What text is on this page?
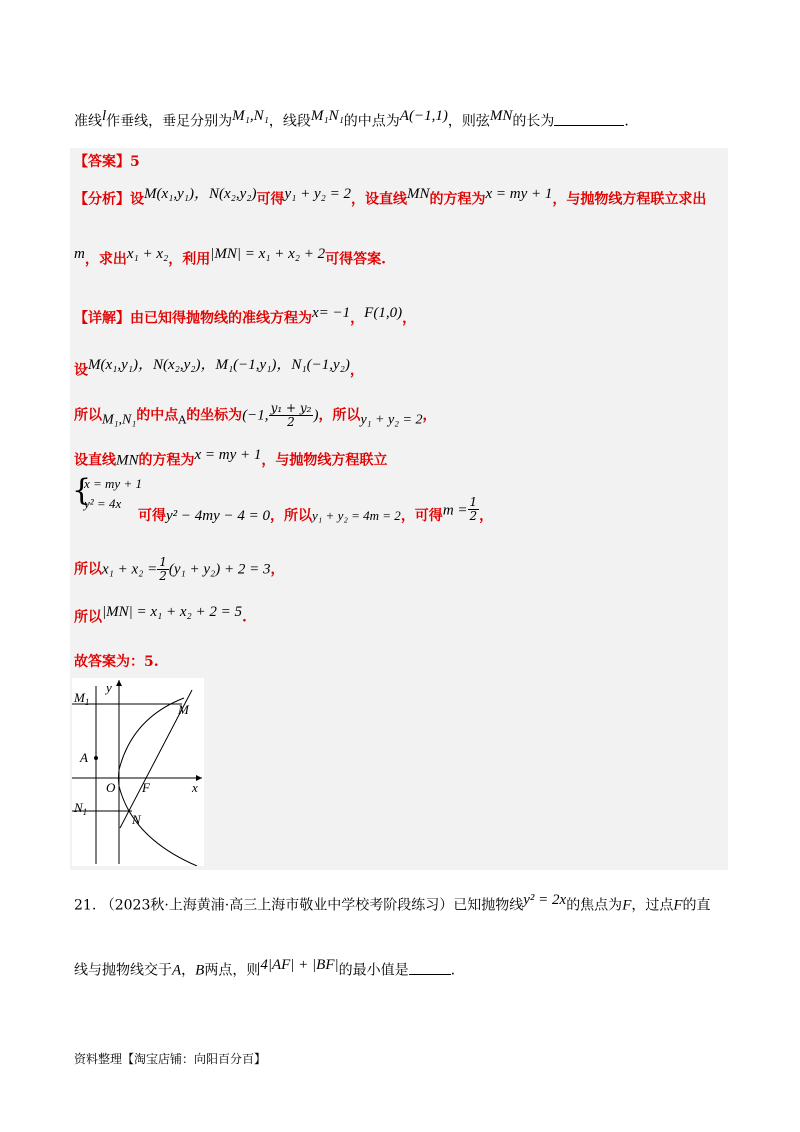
准线$^l$作垂线，垂足分别为$^{M_1,N_1}$，线段$^{M_1N_1}$的中点为$^{A(-1,1)}$，则弦$^{MN}$的长为	.
【答案】5
【分析】设$^{M(x_1,y_1),N(x_2,y_2)}$可得$^{y_1 + y_2 = 2}$，设直线$^{MN}$的方程为$^{x = my + 1}$，与抛物线方程联立求出
$^m$，求出$^{x_1 + x_2}$，利用$^{|MN| = x_1 + x_2 + 2}$可得答案.
【详解】由已知得抛物线的准线方程为$^{x= -1}$，$^{F(1,0)}$，
设$^{M(x_1,y_1),N(x_2,y_2),M_1(-1,y_1),N_1(-1,y_2)}$，
所以$_{M_1,N_1}$的中点$_A$的坐标为(−1, $\frac{\text{y₁ + y₂}}{2}$ )，所以$_{y_1 + y_2 = 2}$，
设直线MN的方程为$^{x = my + 1}$，与抛物线方程联立
{
x = my + 1
y² = 4x
可得y² − 4my − 4 = 0，所以y₁ + y₂ = 4m = 2，可得$^{m =} \frac{1}{2}$ ，
所以$x_1 + x_2 = \frac{1}{2} (y_1 + y_2) + 2 = 3$，
所以$^{|MN| = x_1 + x_2 + 2 = 5}$.
故答案为：5.
$M_1$
y
M
A
O F	x
$N_1$	N
21. （2023秋·上海黄浦·高三上海市敬业中学校考阶段练习）已知抛物线$^{y^2 = 2x}$的焦点为F，过点F的直
线与抛物线交于A，B两点，则$^{4|AF| + |BF|}$的最小值是	.
资料整理【淘宝店铺：向阳百分百】
